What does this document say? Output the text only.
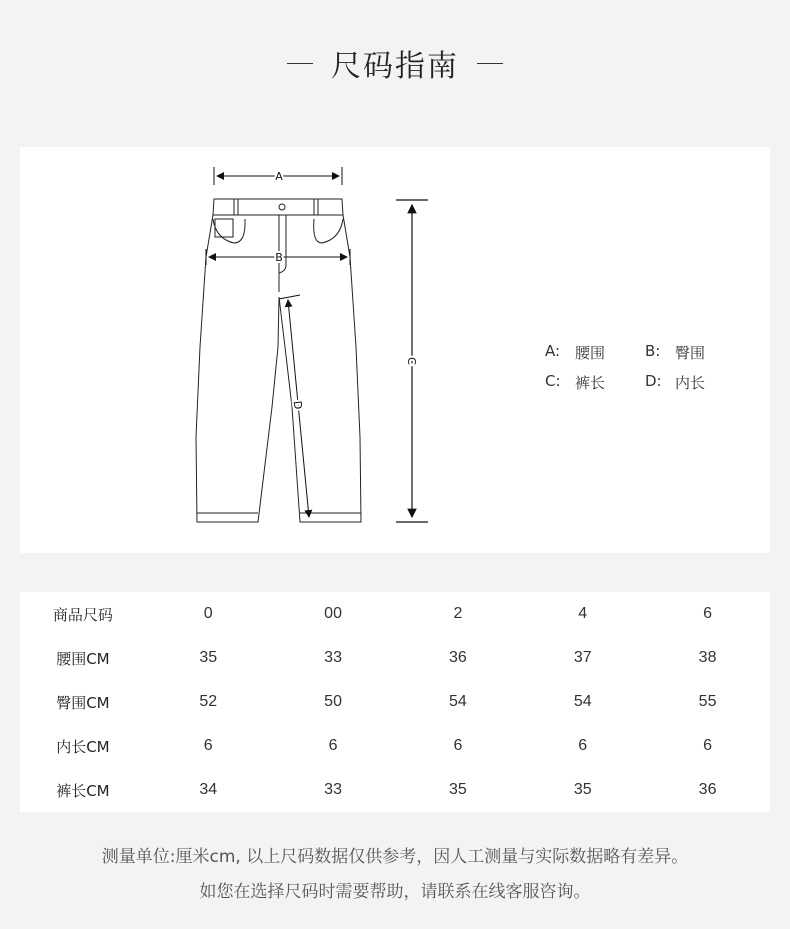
尺码指南
A
B
C
D
A: 腰围	B: 臀围
C: 裤长	D: 内长
商品尺码	0	00	2	4	6
腰围CM	35	33	36	37	38
臀围CM	52	50	54	54	55
内长CM	6	6	6	6	6
裤长CM	34	33	35	35	36
测量单位:厘米cm, 以上尺码数据仅供参考，因人工测量与实际数据略有差异。
如您在选择尺码时需要帮助，请联系在线客服咨询。
